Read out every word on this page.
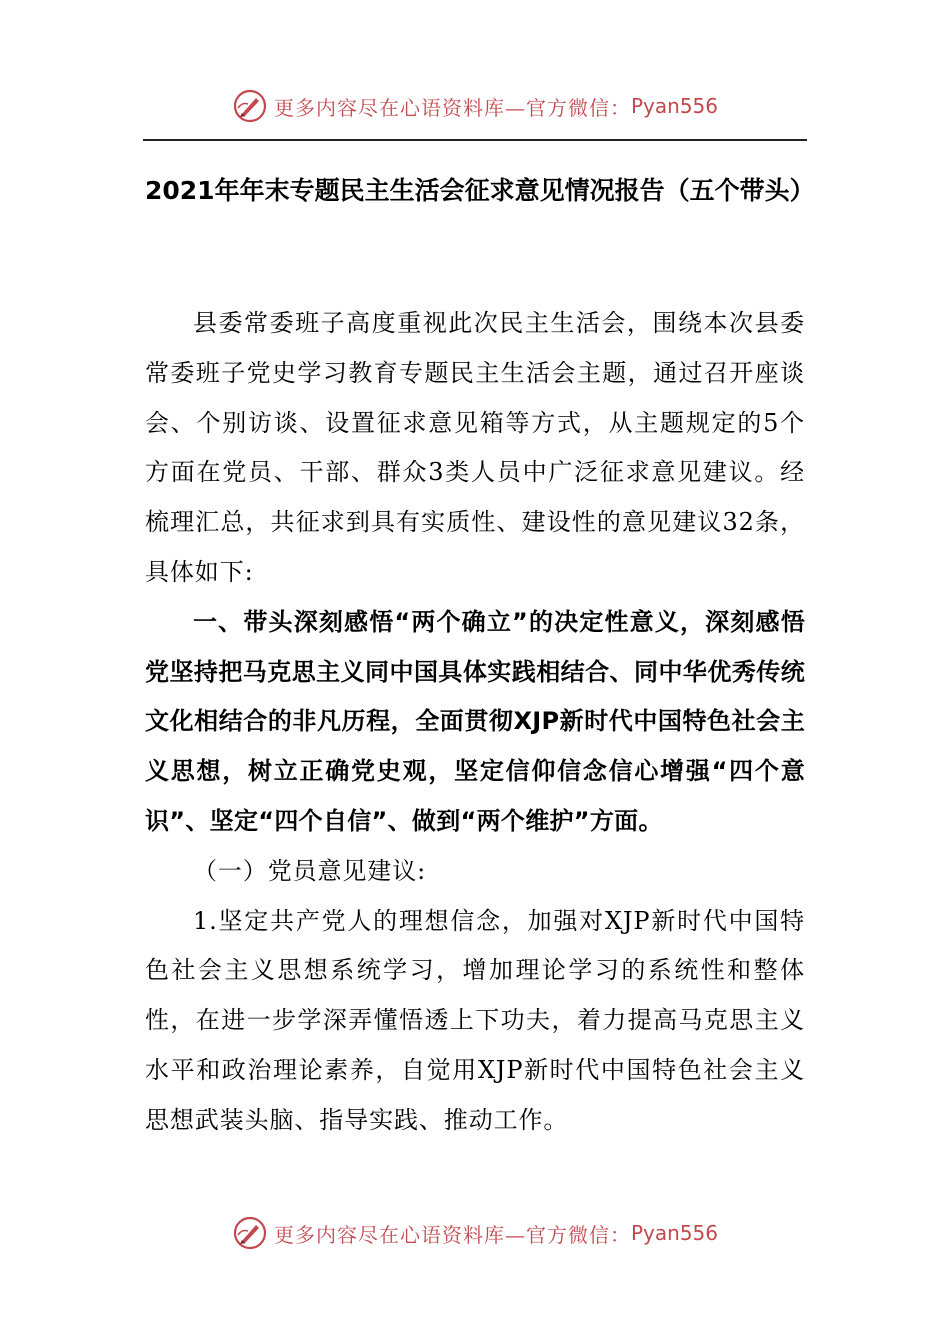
更多内容尽在心语资料库—官方微信： Pyan556
2021年年末专题民主生活会征求意见情况报告（五个带头）

县委常委班子高度重视此次民主生活会，围绕本次县委常委班子党史学习教育专题民主生活会主题，通过召开座谈会、个别访谈、设置征求意见箱等方式，从主题规定的5个方面在党员、干部、群众3类人员中广泛征求意见建议。经梳理汇总，共征求到具有实质性、建设性的意见建议32条，具体如下:

一、带头深刻感悟“两个确立”的决定性意义，深刻感悟党坚持把马克思主义同中国具体实践相结合、同中华优秀传统文化相结合的非凡历程，全面贯彻XJP新时代中国特色社会主义思想，树立正确党史观，坚定信仰信念信心增强“四个意识”、坚定“四个自信”、做到“两个维护”方面。

（一）党员意见建议:

1.坚定共产党人的理想信念，加强对XJP新时代中国特色社会主义思想系统学习，增加理论学习的系统性和整体性，在进一步学深弄懂悟透上下功夫，着力提高马克思主义水平和政治理论素养，自觉用XJP新时代中国特色社会主义思想武装头脑、指导实践、推动工作。

更多内容尽在心语资料库—官方微信： Pyan556
